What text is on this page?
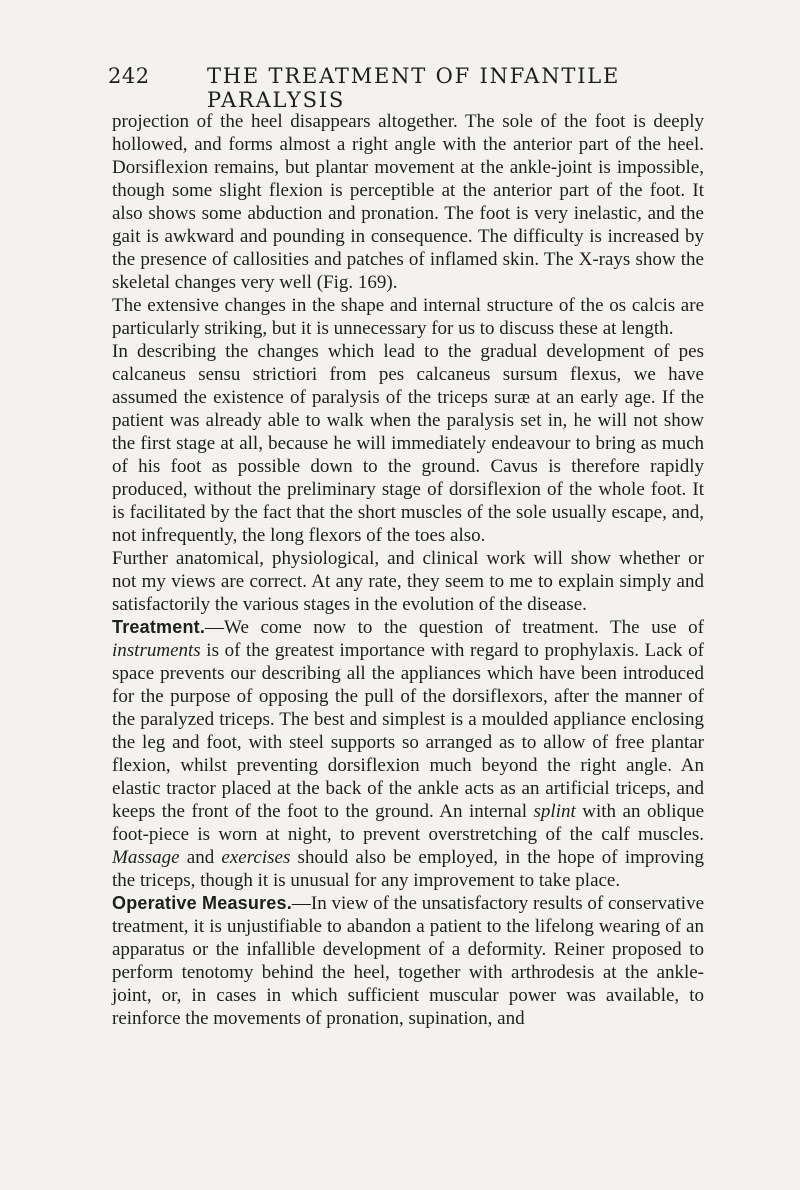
242	THE TREATMENT OF INFANTILE PARALYSIS

projection of the heel disappears altogether. The sole of the foot is deeply hollowed, and forms almost a right angle with the anterior part of the heel. Dorsiflexion remains, but plantar movement at the ankle-joint is impossible, though some slight flexion is perceptible at the anterior part of the foot. It also shows some abduction and pronation. The foot is very inelastic, and the gait is awkward and pounding in consequence. The difficulty is increased by the presence of callosities and patches of inflamed skin. The X-rays show the skeletal changes very well (Fig. 169).

The extensive changes in the shape and internal structure of the os calcis are particularly striking, but it is unnecessary for us to discuss these at length.

In describing the changes which lead to the gradual development of pes calcaneus sensu strictiori from pes calcaneus sursum flexus, we have assumed the existence of paralysis of the triceps suræ at an early age. If the patient was already able to walk when the paralysis set in, he will not show the first stage at all, because he will immediately endeavour to bring as much of his foot as possible down to the ground. Cavus is therefore rapidly produced, without the preliminary stage of dorsiflexion of the whole foot. It is facilitated by the fact that the short muscles of the sole usually escape, and, not infrequently, the long flexors of the toes also.

Further anatomical, physiological, and clinical work will show whether or not my views are correct. At any rate, they seem to me to explain simply and satisfactorily the various stages in the evolution of the disease.

Treatment.—We come now to the question of treatment. The use of instruments is of the greatest importance with regard to prophylaxis. Lack of space prevents our describing all the appliances which have been introduced for the purpose of opposing the pull of the dorsiflexors, after the manner of the paralyzed triceps. The best and simplest is a moulded appliance enclosing the leg and foot, with steel supports so arranged as to allow of free plantar flexion, whilst preventing dorsiflexion much beyond the right angle. An elastic tractor placed at the back of the ankle acts as an artificial triceps, and keeps the front of the foot to the ground. An internal splint with an oblique foot-piece is worn at night, to prevent overstretching of the calf muscles. Massage and exercises should also be employed, in the hope of improving the triceps, though it is unusual for any improvement to take place.

Operative Measures.—In view of the unsatisfactory results of conservative treatment, it is unjustifiable to abandon a patient to the lifelong wearing of an apparatus or the infallible development of a deformity. Reiner proposed to perform tenotomy behind the heel, together with arthrodesis at the ankle-joint, or, in cases in which sufficient muscular power was available, to reinforce the movements of pronation, supination, and
